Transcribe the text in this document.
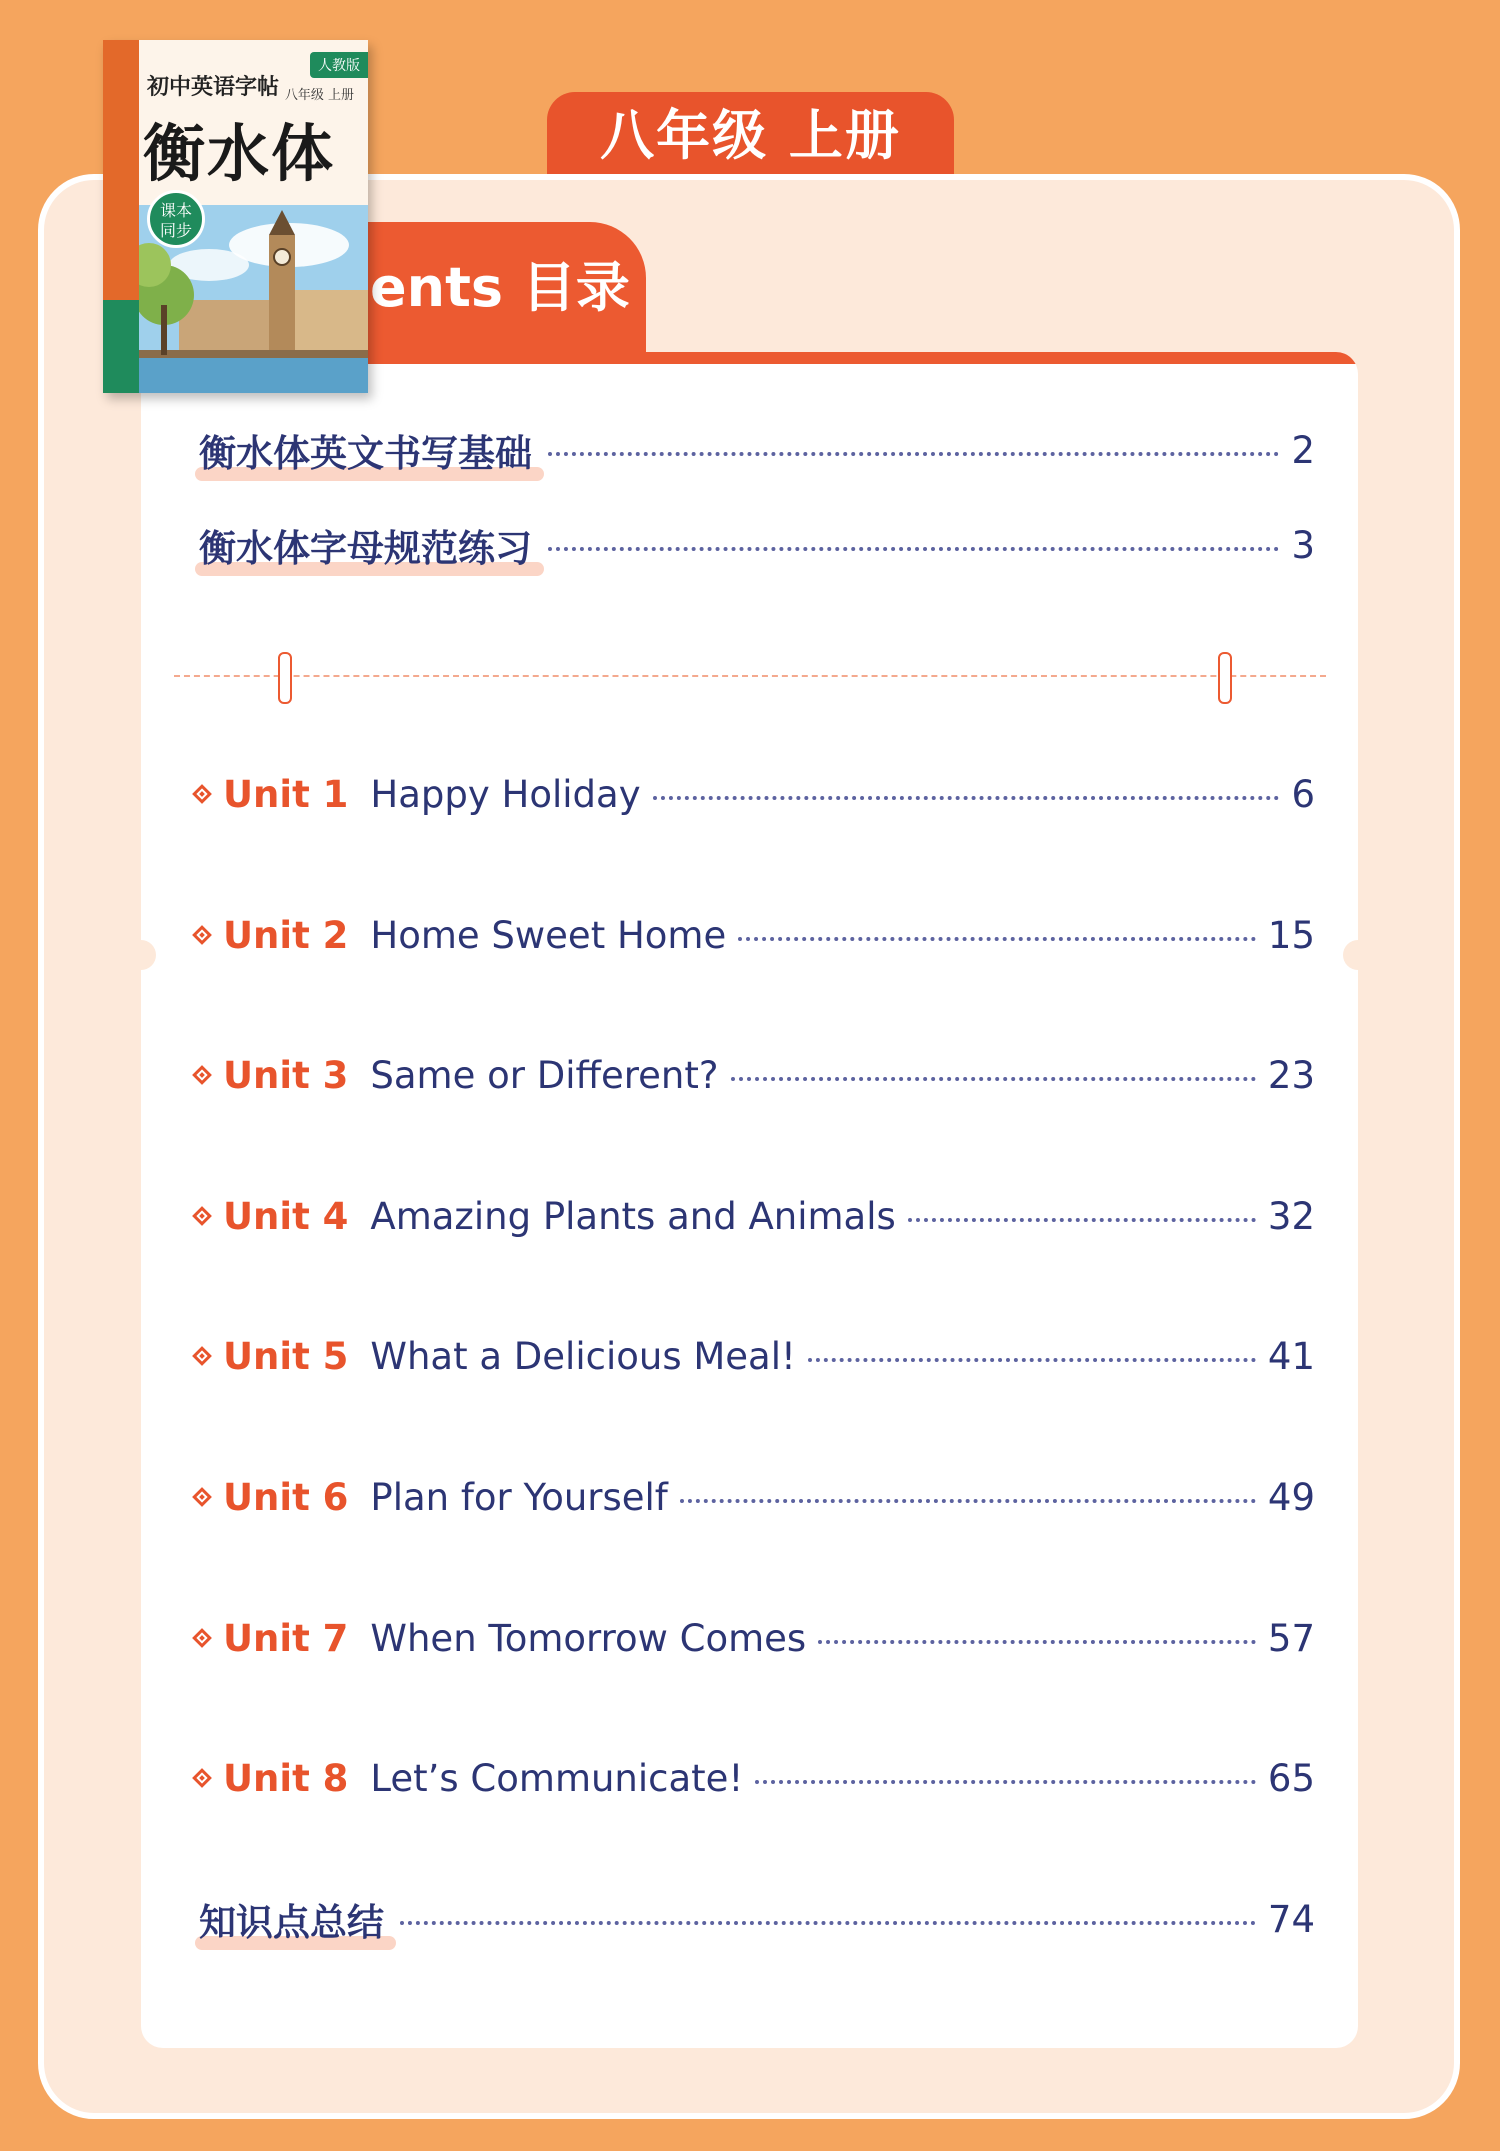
八年级 上册
ents 目录
衡水体英文书写基础	2
衡水体字母规范练习	3
Unit 1 Happy Holiday	6
Unit 2 Home Sweet Home	15
Unit 3 Same or Different?	23
Unit 4 Amazing Plants and Animals	32
Unit 5 What a Delicious Meal!	41
Unit 6 Plan for Yourself	49
Unit 7 When Tomorrow Comes	57
Unit 8 Let’s Communicate!	65
知识点总结	74
人教版
初中英语字帖 八年级 上册
衡水体
课本
同步
